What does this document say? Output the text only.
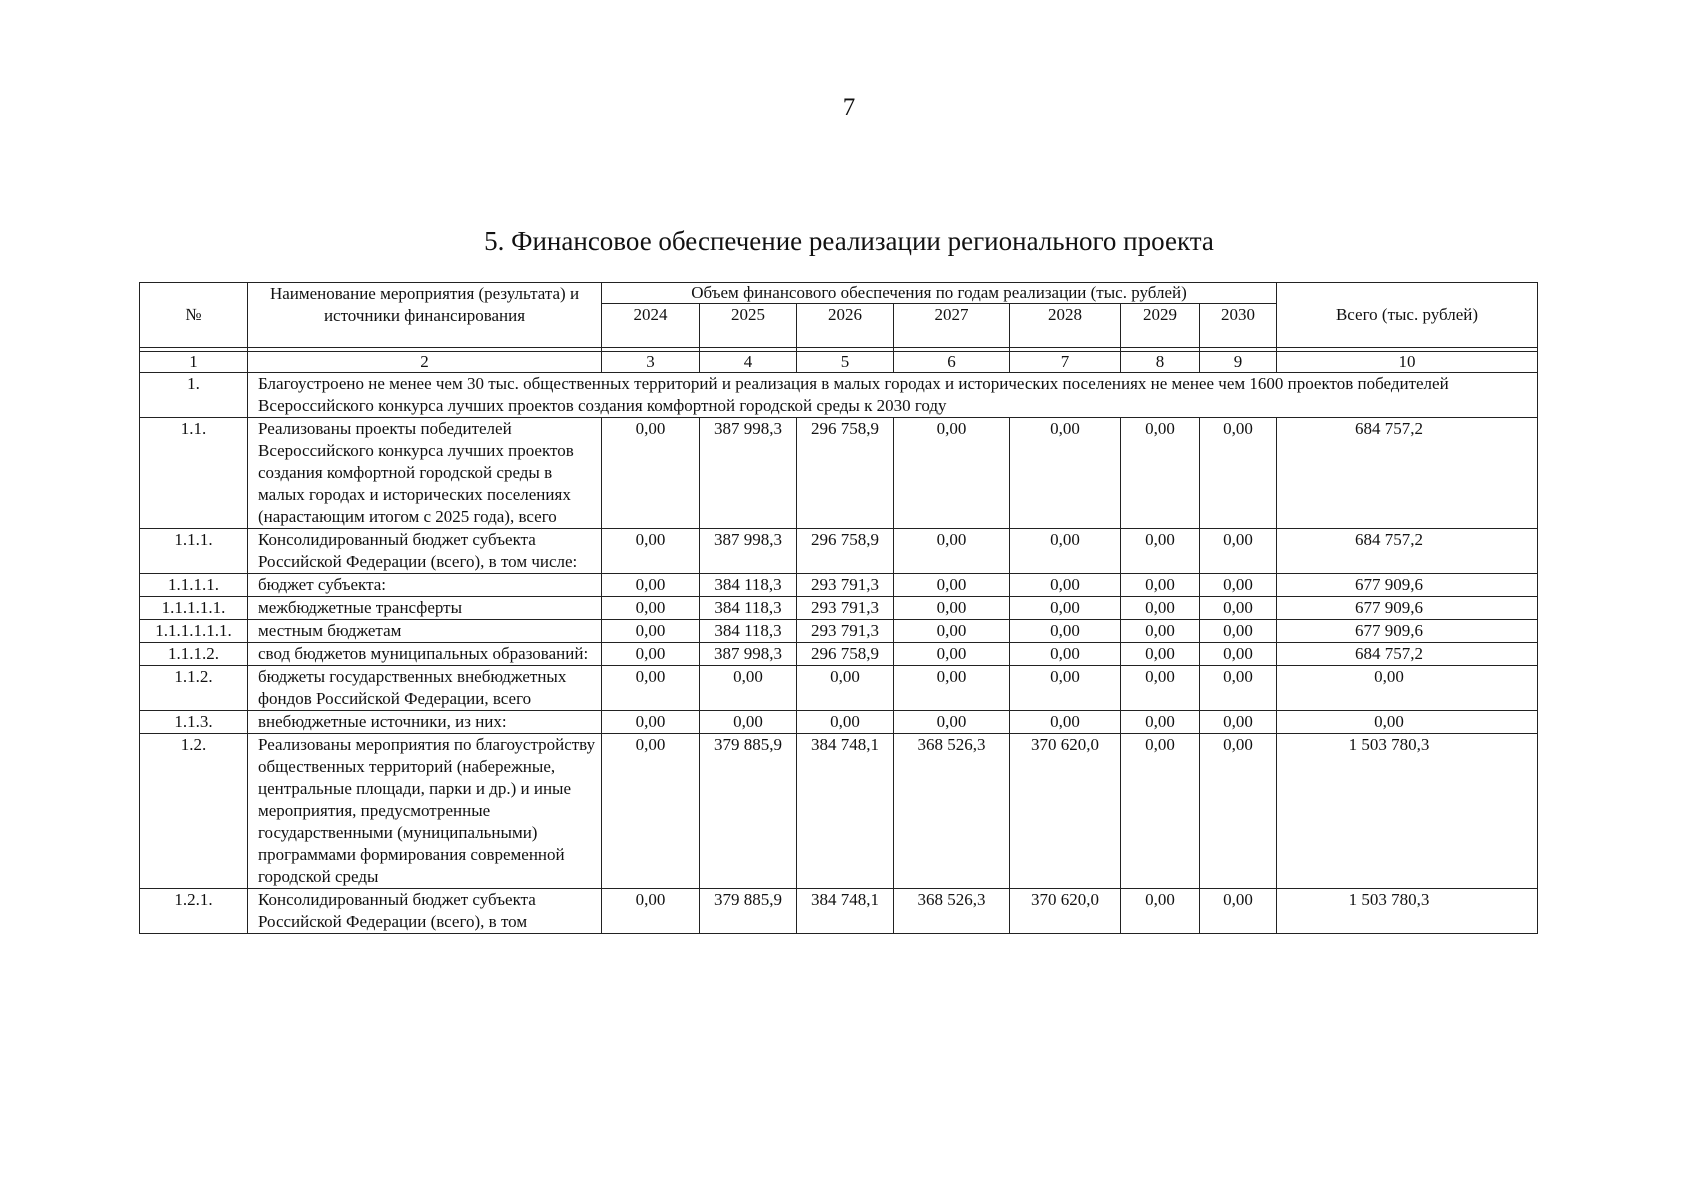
7
5. Финансовое обеспечение реализации регионального проекта
№	Наименование мероприятия (результата) и источники финансирования	Объем финансового обеспечения по годам реализации (тыс. рублей)							Всего (тыс. рублей)
		2024	2025	2026	2027	2028	2029	2030	

1	2	3	4	5	6	7	8	9	10
1.	Благоустроено не менее чем 30 тыс. общественных территорий и реализация в малых городах и исторических поселениях не менее чем 1600 проектов победителей Всероссийского конкурса лучших проектов создания комфортной городской среды к 2030 году								
1.1.	Реализованы проекты победителей Всероссийского конкурса лучших проектов создания комфортной городской среды в малых городах и исторических поселениях (нарастающим итогом с 2025 года), всего	0,00	387 998,3	296 758,9	0,00	0,00	0,00	0,00	684 757,2
1.1.1.	Консолидированный бюджет субъекта Российской Федерации (всего), в том числе:	0,00	387 998,3	296 758,9	0,00	0,00	0,00	0,00	684 757,2
1.1.1.1.	бюджет субъекта:	0,00	384 118,3	293 791,3	0,00	0,00	0,00	0,00	677 909,6
1.1.1.1.1.	межбюджетные трансферты	0,00	384 118,3	293 791,3	0,00	0,00	0,00	0,00	677 909,6
1.1.1.1.1.1.	местным бюджетам	0,00	384 118,3	293 791,3	0,00	0,00	0,00	0,00	677 909,6
1.1.1.2.	свод бюджетов муниципальных образований:	0,00	387 998,3	296 758,9	0,00	0,00	0,00	0,00	684 757,2
1.1.2.	бюджеты государственных внебюджетных фондов Российской Федерации, всего	0,00	0,00	0,00	0,00	0,00	0,00	0,00	0,00
1.1.3.	внебюджетные источники, из них:	0,00	0,00	0,00	0,00	0,00	0,00	0,00	0,00
1.2.	Реализованы мероприятия по благоустройству общественных территорий (набережные, центральные площади, парки и др.) и иные мероприятия, предусмотренные государственными (муниципальными) программами формирования современной городской среды	0,00	379 885,9	384 748,1	368 526,3	370 620,0	0,00	0,00	1 503 780,3
1.2.1.	Консолидированный бюджет субъекта Российской Федерации (всего), в том	0,00	379 885,9	384 748,1	368 526,3	370 620,0	0,00	0,00	1 503 780,3
